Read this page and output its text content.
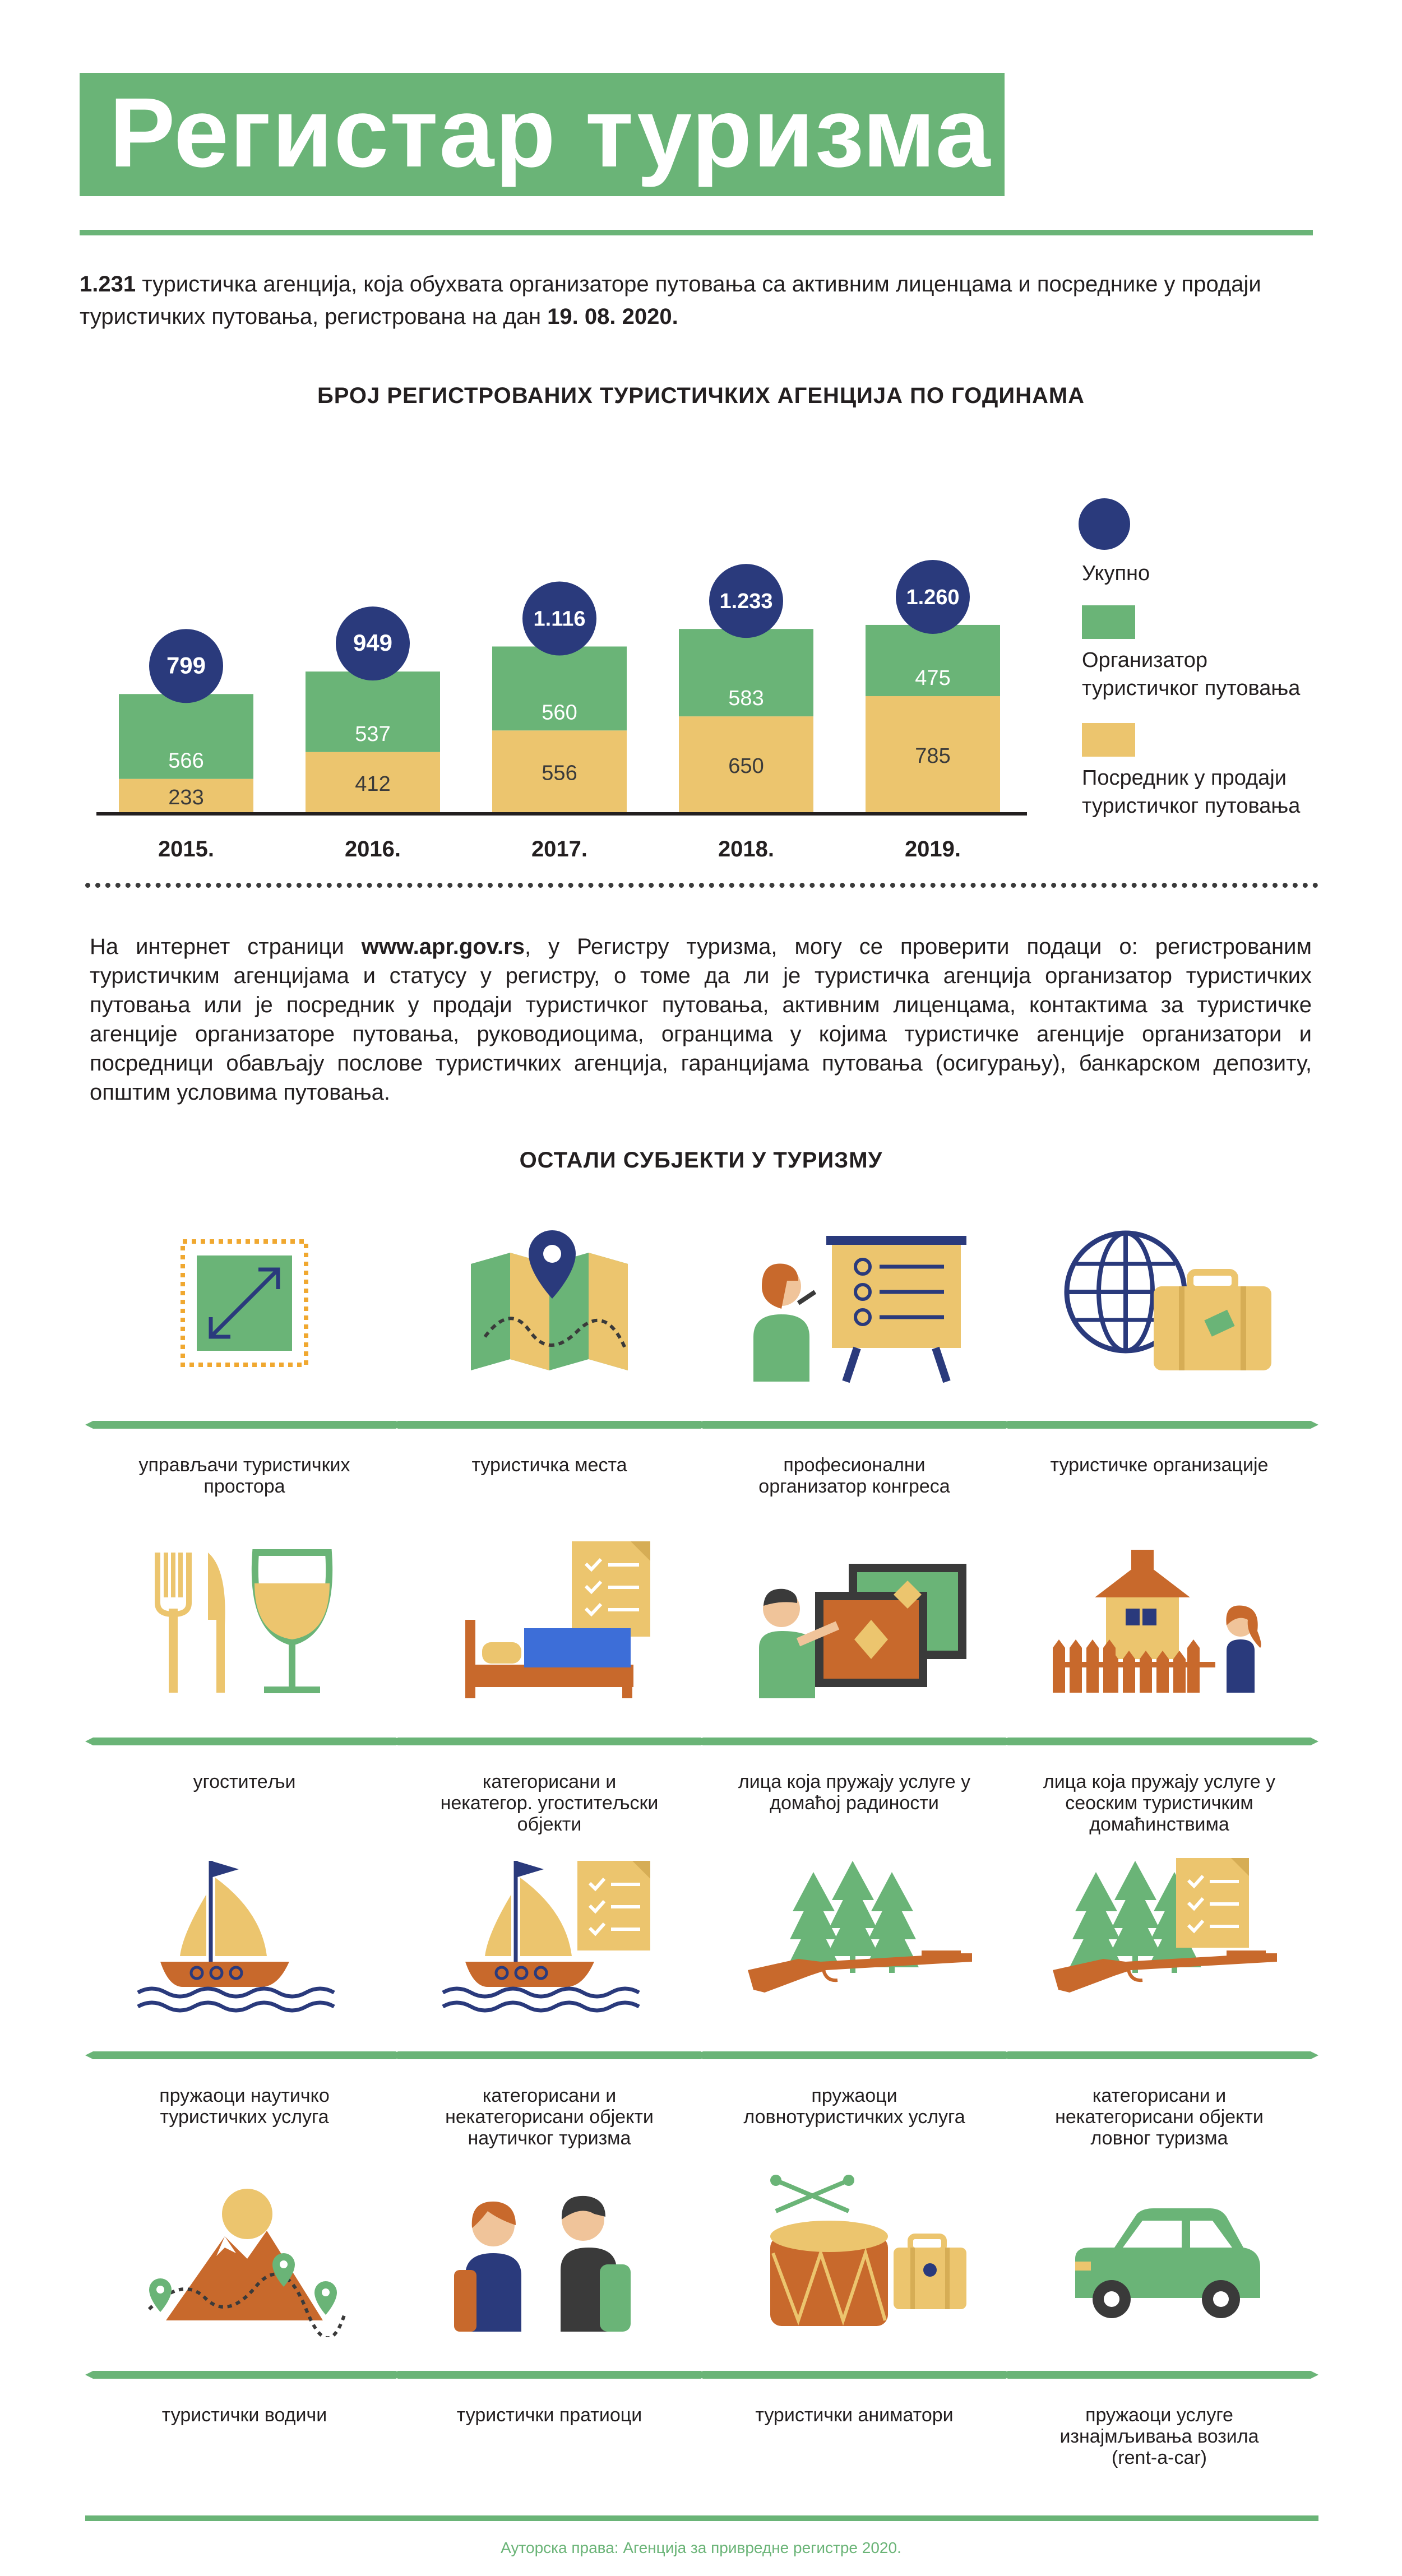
Регистар туризма
1.231 туристичка агенција, која обухвата организаторе путовања са активним лиценцама и посреднике у продаји туристичких путовања, регистрована на дан 19. 08. 2020.
БРОЈ РЕГИСТРОВАНИХ ТУРИСТИЧКИХ АГЕНЦИЈА ПО ГОДИНАМА
233
566
799
2015.
412
537
949
2016.
556
560
1.116
2017.
650
583
1.233
2018.
785
475
1.260
2019.
Укупно
Организатор туристичког путовања
Посредник у продаји туристичког путовања
На интернет страници www.apr.gov.rs, у Регистру туризма, могу се проверити подаци о: регистрованим туристичким агенцијама и статусу у регистру, о томе да ли је туристичка агенција организатор туристичких путовања или је посредник у продаји туристичког путовања, активним лиценцама, контактима за туристичке агенције организаторе путовања, руководиоцима, огранцима у којима туристичке агенције организатори и посредници обављају послове туристичких агенција, гаранцијама путовања (осигурању), банкарском депозиту, општим условима путовања.
ОСТАЛИ СУБЈЕКТИ У ТУРИЗМУ
управљачи туристичких
простора
туристичка места	професионални
организатор конгреса
туристичке организације
угоститељи	категорисани и
некатегор. угоститељски
објекти
лица која пружају услуге у
домаћој радиности
лица која пружају услуге у
сеоским туристичким
домаћинствима
пружаоци наутичко
туристичких услуга
категорисани и
некатегорисани објекти
наутичког туризма
пружаоци
ловнотуристичких услуга
категорисани и
некатегорисани објекти
ловног туризма
туристички водичи	туристички пратиоци	туристички аниматори	пружаоци услуге
изнајмљивања возила
(rent-a-car)
Ауторска права: Агенција за привредне регистре 2020.
